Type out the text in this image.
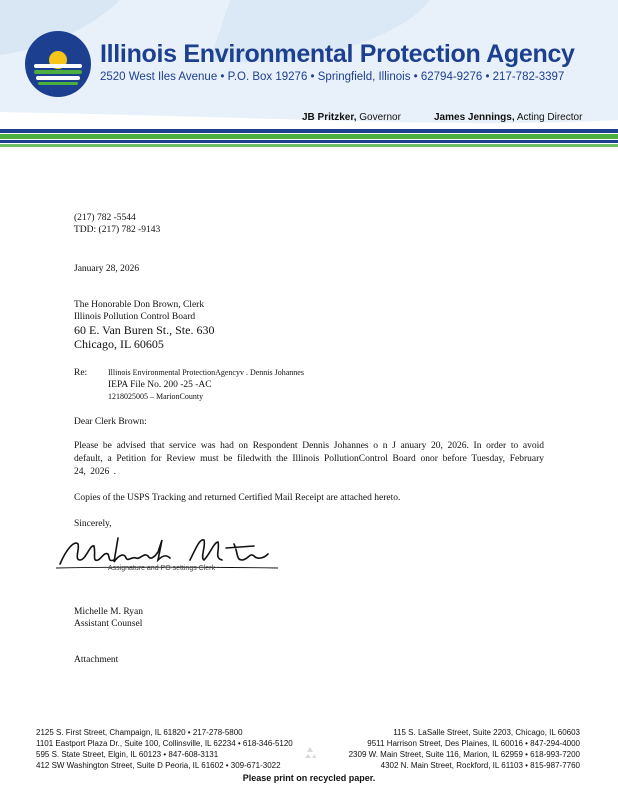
Illinois Environmental Protection Agency
2520 West Iles Avenue • P.O. Box 19276 • Springfield, Illinois • 62794-9276 • 217-782-3397
JB Pritzker, Governor	James Jennings, Acting Director
(217) 782 -5544
TDD: (217) 782 -9143
January 28, 2026
The Honorable Don Brown, Clerk
Illinois Pollution Control Board
60 E. Van Buren St., Ste. 630
Chicago, IL 60605
Re:	Illinois Environmental ProtectionAgencyv . Dennis Johannes
IEPA File No. 200 -25 -AC
1218025005 – MarionCounty
Dear Clerk Brown:
Please be advised that service was had on Respondent Dennis Johannes o n J anuary 20, 2026. In order to avoid default, a Petition for Review must be filedwith the Illinois PollutionControl Board onor before Tuesday, February 24, 2026 .
Copies of the USPS Tracking and returned Certified Mail Receipt are attached hereto.
Sincerely,
Assignature and PO settings Clerk
Michelle M. Ryan
Assistant Counsel
Attachment
2125 S. First Street, Champaign, IL 61820 • 217-278-5800
1101 Eastport Plaza Dr., Suite 100, Collinsville, IL 62234 • 618-346-5120
595 S. State Street, Elgin, IL 60123 • 847-608-3131
412 SW Washington Street, Suite D Peoria, IL 61602 • 309-671-3022
115 S. LaSalle Street, Suite 2203, Chicago, IL 60603
9511 Harrison Street, Des Plaines, IL 60016 • 847-294-4000
2309 W. Main Street, Suite 116, Marion, IL 62959 • 618-993-7200
4302 N. Main Street, Rockford, IL 61103 • 815-987-7760
Please print on recycled paper.
